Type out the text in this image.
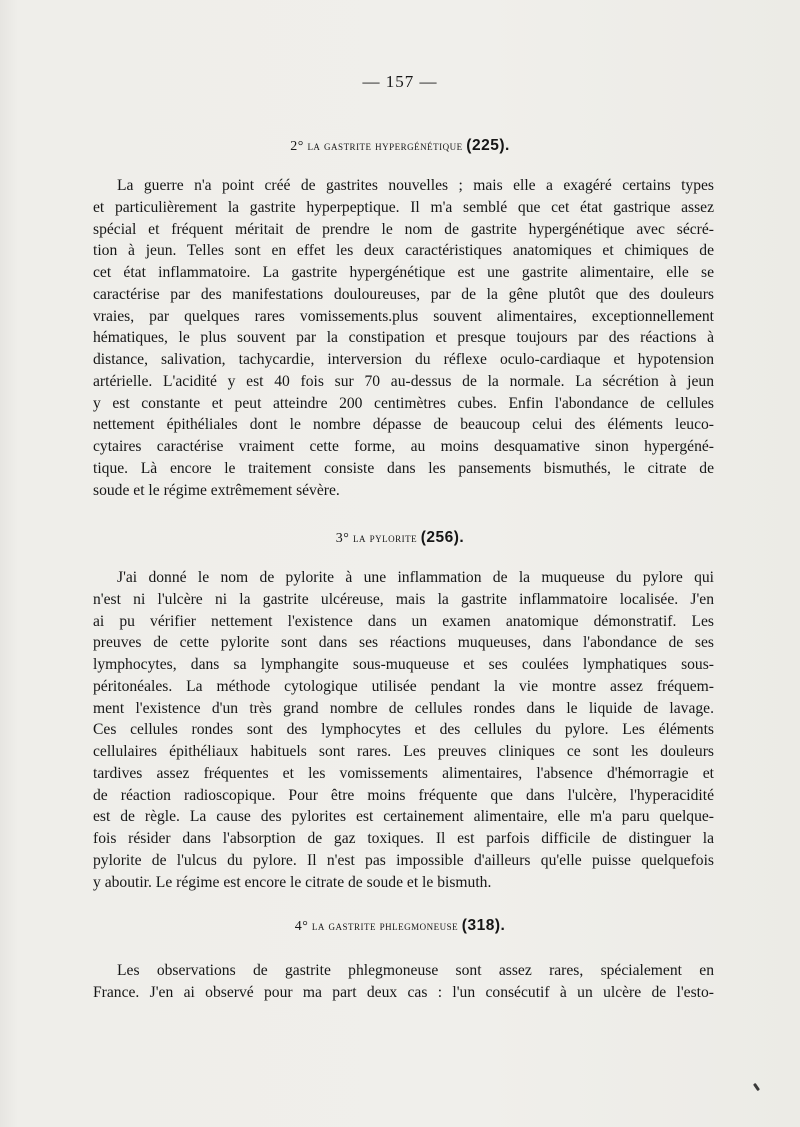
— 157 —
2° la gastrite hypergénétique (225).
La guerre n'a point créé de gastrites nouvelles ; mais elle a exagéré certains types
et particulièrement la gastrite hyperpeptique. Il m'a semblé que cet état gastrique assez
spécial et fréquent méritait de prendre le nom de gastrite hypergénétique avec sécré-
tion à jeun. Telles sont en effet les deux caractéristiques anatomiques et chimiques de
cet état inflammatoire. La gastrite hypergénétique est une gastrite alimentaire, elle se
caractérise par des manifestations douloureuses, par de la gêne plutôt que des douleurs
vraies, par quelques rares vomissements.plus souvent alimentaires, exceptionnellement
hématiques, le plus souvent par la constipation et presque toujours par des réactions à
distance, salivation, tachycardie, interversion du réflexe oculo-cardiaque et hypotension
artérielle. L'acidité y est 40 fois sur 70 au-dessus de la normale. La sécrétion à jeun
y est constante et peut atteindre 200 centimètres cubes. Enfin l'abondance de cellules
nettement épithéliales dont le nombre dépasse de beaucoup celui des éléments leuco-
cytaires caractérise vraiment cette forme, au moins desquamative sinon hypergéné-
tique. Là encore le traitement consiste dans les pansements bismuthés, le citrate de
soude et le régime extrêmement sévère.
3° la pylorite (256).
J'ai donné le nom de pylorite à une inflammation de la muqueuse du pylore qui
n'est ni l'ulcère ni la gastrite ulcéreuse, mais la gastrite inflammatoire localisée. J'en
ai pu vérifier nettement l'existence dans un examen anatomique démonstratif. Les
preuves de cette pylorite sont dans ses réactions muqueuses, dans l'abondance de ses
lymphocytes, dans sa lymphangite sous-muqueuse et ses coulées lymphatiques sous-
péritonéales. La méthode cytologique utilisée pendant la vie montre assez fréquem-
ment l'existence d'un très grand nombre de cellules rondes dans le liquide de lavage.
Ces cellules rondes sont des lymphocytes et des cellules du pylore. Les éléments
cellulaires épithéliaux habituels sont rares. Les preuves cliniques ce sont les douleurs
tardives assez fréquentes et les vomissements alimentaires, l'absence d'hémorragie et
de réaction radioscopique. Pour être moins fréquente que dans l'ulcère, l'hyperacidité
est de règle. La cause des pylorites est certainement alimentaire, elle m'a paru quelque-
fois résider dans l'absorption de gaz toxiques. Il est parfois difficile de distinguer la
pylorite de l'ulcus du pylore. Il n'est pas impossible d'ailleurs qu'elle puisse quelquefois
y aboutir. Le régime est encore le citrate de soude et le bismuth.
4° la gastrite phlegmoneuse (318).
Les observations de gastrite phlegmoneuse sont assez rares, spécialement en
France. J'en ai observé pour ma part deux cas : l'un consécutif à un ulcère de l'esto-
